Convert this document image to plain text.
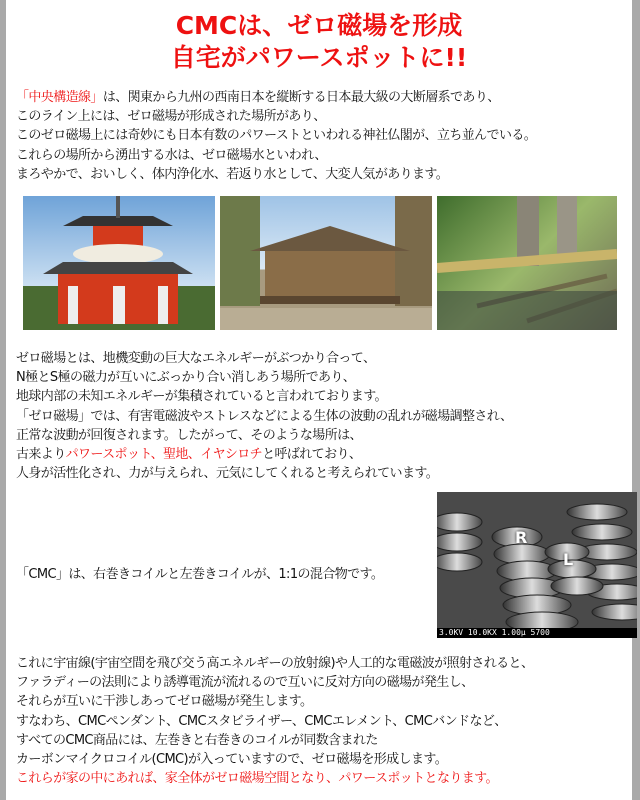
CMCは、ゼロ磁場を形成
自宅がパワースポットに!!
「中央構造線」は、関東から九州の西南日本を縦断する日本最大級の大断層系であり、
このライン上には、ゼロ磁場が形成された場所があり、
このゼロ磁場上には奇妙にも日本有数のパワーストといわれる神社仏閣が、立ち並んでいる。
これらの場所から湧出する水は、ゼロ磁場水といわれ、
まろやかで、おいしく、体内浄化水、若返り水として、大変人気があります。
ゼロ磁場とは、地機変動の巨大なエネルギーがぶつかり合って、
N極とS極の磁力が互いにぶっかり合い消しあう場所であり、
地球内部の未知エネルギーが集積されていると言われております。
「ゼロ磁場」では、有害電磁波やストレスなどによる生体の波動の乱れが磁場調整され、
正常な波動が回復されます。したがって、そのような場所は、
古来よりパワースポット、聖地、イヤシロチと呼ばれており、
人身が活性化され、力が与えられ、元気にしてくれると考えられています。
「CMC」は、右巻きコイルと左巻きコイルが、1:1の混合物です。
R
L
3.0KV 10.0KX 1.00μ 5700
これに宇宙線(宇宙空間を飛び交う高エネルギーの放射線)や人工的な電磁波が照射されると、
ファラディーの法則により誘導電流が流れるので互いに反対方向の磁場が発生し、
それらが互いに干渉しあってゼロ磁場が発生します。
すなわち、CMCペンダント、CMCスタビライザー、CMCエレメント、CMCバンドなど、
すべてのCMC商品には、左巻きと右巻きのコイルが同数含まれた
カーボンマイクロコイル(CMC)が入っていますので、ゼロ磁場を形成します。
これらが家の中にあれば、家全体がゼロ磁場空間となり、パワースポットとなります。
